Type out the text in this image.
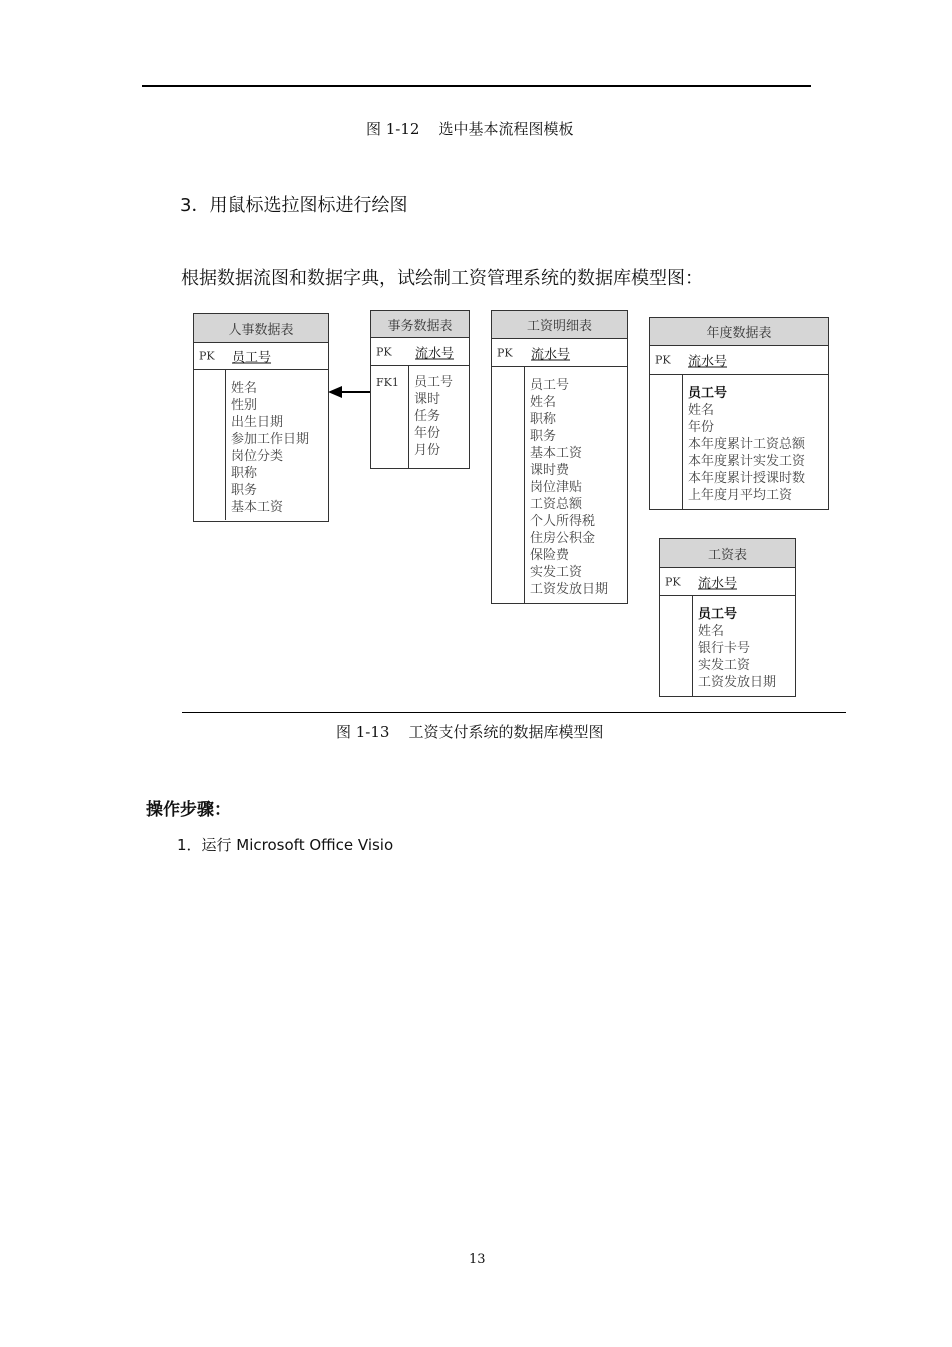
图 1-12 选中基本流程图模板
3．用鼠标选拉图标进行绘图
根据数据流图和数据字典，试绘制工资管理系统的数据库模型图：
人事数据表
PK 员工号
姓名
性别
出生日期
参加工作日期
岗位分类
职称
职务
基本工资
事务数据表
PK 流水号
FK1 员工号
课时
任务
年份
月份
工资明细表
PK 流水号
员工号
姓名
职称
职务
基本工资
课时费
岗位津贴
工资总额
个人所得税
住房公积金
保险费
实发工资
工资发放日期
年度数据表
PK 流水号
员工号
姓名
年份
本年度累计工资总额
本年度累计实发工资
本年度累计授课时数
上年度月平均工资
工资表
PK 流水号
员工号
姓名
银行卡号
实发工资
工资发放日期
图 1-13 工资支付系统的数据库模型图
操作步骤：
1．运行 Microsoft Office Visio
13
